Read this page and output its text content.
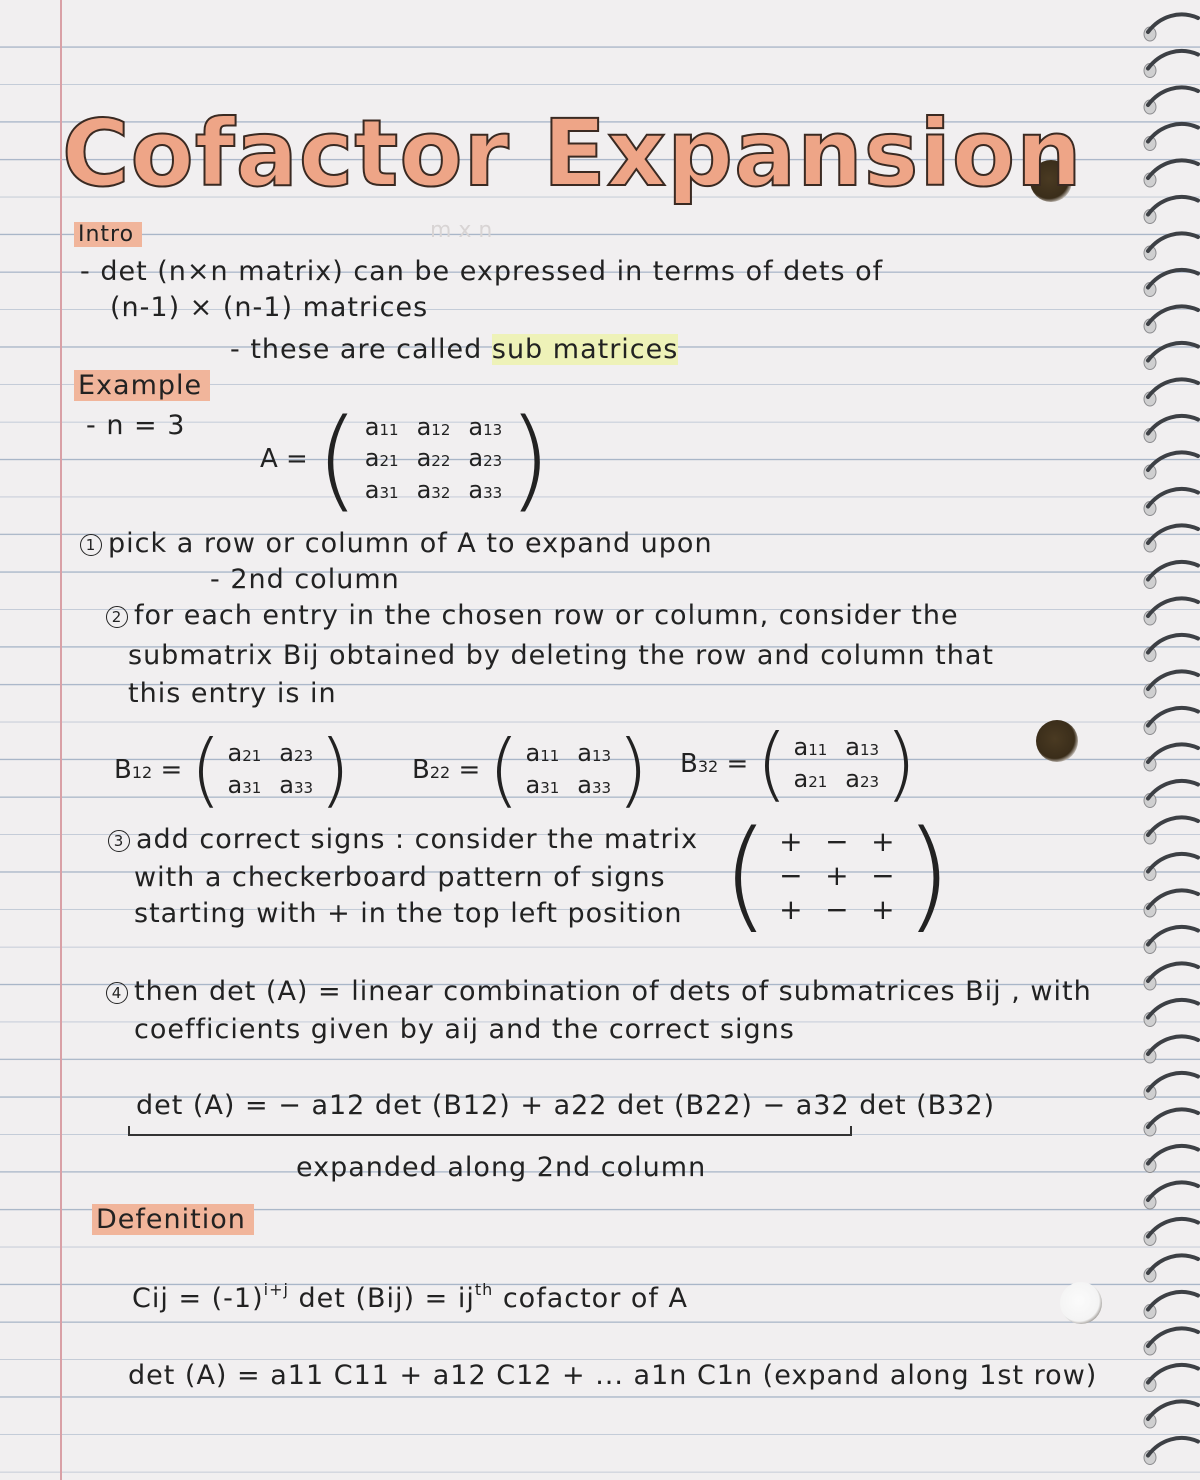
m x n
Cofactor Expansion
Intro
- det (n×n matrix) can be expressed in terms of dets of
(n-1) × (n-1) matrices
- these are called sub matrices
Example
- n = 3
A = ( a11 a12 a13
a21 a22 a23
a31 a32 a33 )
1 pick a row or column of A to expand upon
- 2nd column
2 for each entry in the chosen row or column, consider the
submatrix Bij obtained by deleting the row and column that
this entry is in
B12 = ( a21 a23
a31 a33 ) B22 = ( a11 a13
a31 a33 ) B32 = ( a11 a13
a21 a23 )
3 add correct signs : consider the matrix
with a checkerboard pattern of signs
starting with + in the top left position ( + − +
− + −
+ − + )
4 then det (A) = linear combination of dets of submatrices Bij , with
coefficients given by aij and the correct signs
det (A) = − a12 det (B12) + a22 det (B22) − a32 det (B32)
expanded along 2nd column
Defenition
Cij = $(-1)^{i+j}$ $\det (Bij) = ij^{th}$ cofactor of A
det (A) = a11 C11 + a12 C12 + ... a1n C1n (expand along 1st row)
